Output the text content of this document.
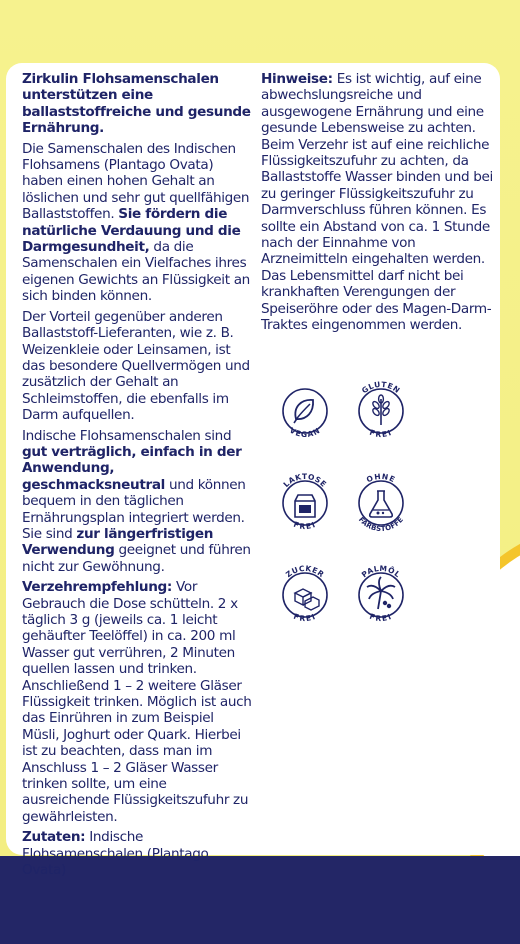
Zirkulin Flohsamenschalen unterstützen eine ballaststoffreiche und gesunde Ernährung.

Die Samenschalen des Indischen Flohsamens (Plantago Ovata) haben einen hohen Gehalt an löslichen und sehr gut quellfähigen Ballaststoffen. Sie fördern die natürliche Verdauung und die Darmgesundheit, da die Samenschalen ein Vielfaches ihres eigenen Gewichts an Flüssigkeit an sich binden können.

Der Vorteil gegenüber anderen Ballaststoff-Lieferanten, wie z. B. Weizenkleie oder Leinsamen, ist das besondere Quellvermögen und zusätzlich der Gehalt an Schleimstoffen, die ebenfalls im Darm aufquellen.

Indische Flohsamenschalen sind gut verträglich, einfach in der Anwendung, geschmacksneutral und können bequem in den täglichen Ernährungsplan integriert werden. Sie sind zur längerfristigen Verwendung geeignet und führen nicht zur Gewöhnung.

Verzehrempfehlung: Vor Gebrauch die Dose schütteln. 2 x täglich 3 g (jeweils ca. 1 leicht gehäufter Teelöffel) in ca. 200 ml Wasser gut verrühren, 2 Minuten quellen lassen und trinken. Anschließend 1 – 2 weitere Gläser Flüssigkeit trinken. Möglich ist auch das Einrühren in zum Beispiel Müsli, Joghurt oder Quark. Hierbei ist zu beachten, dass man im Anschluss 1 – 2 Gläser Wasser trinken sollte, um eine ausreichende Flüssigkeitszufuhr zu gewährleisten.

Zutaten: Indische Flohsamenschalen (Plantago Ovata)

Hinweise: Es ist wichtig, auf eine abwechslungsreiche und ausgewogene Ernährung und eine gesunde Lebensweise zu achten. Beim Verzehr ist auf eine reichliche Flüssigkeitszufuhr zu achten, da Ballaststoffe Wasser binden und bei zu geringer Flüssigkeitszufuhr zu Darmverschluss führen können. Es sollte ein Abstand von ca. 1 Stunde nach der Einnahme von Arzneimitteln eingehalten werden. Das Lebensmittel darf nicht bei krankhaften Verengungen der Speiseröhre oder des Magen-Darm-Traktes eingenommen werden.

VEGAN
GLUTEN
FREI
LAKTOSE
FREI
OHNE
FARBSTOFFE
ZUCKER
FREI
PALMÖL
FREI
